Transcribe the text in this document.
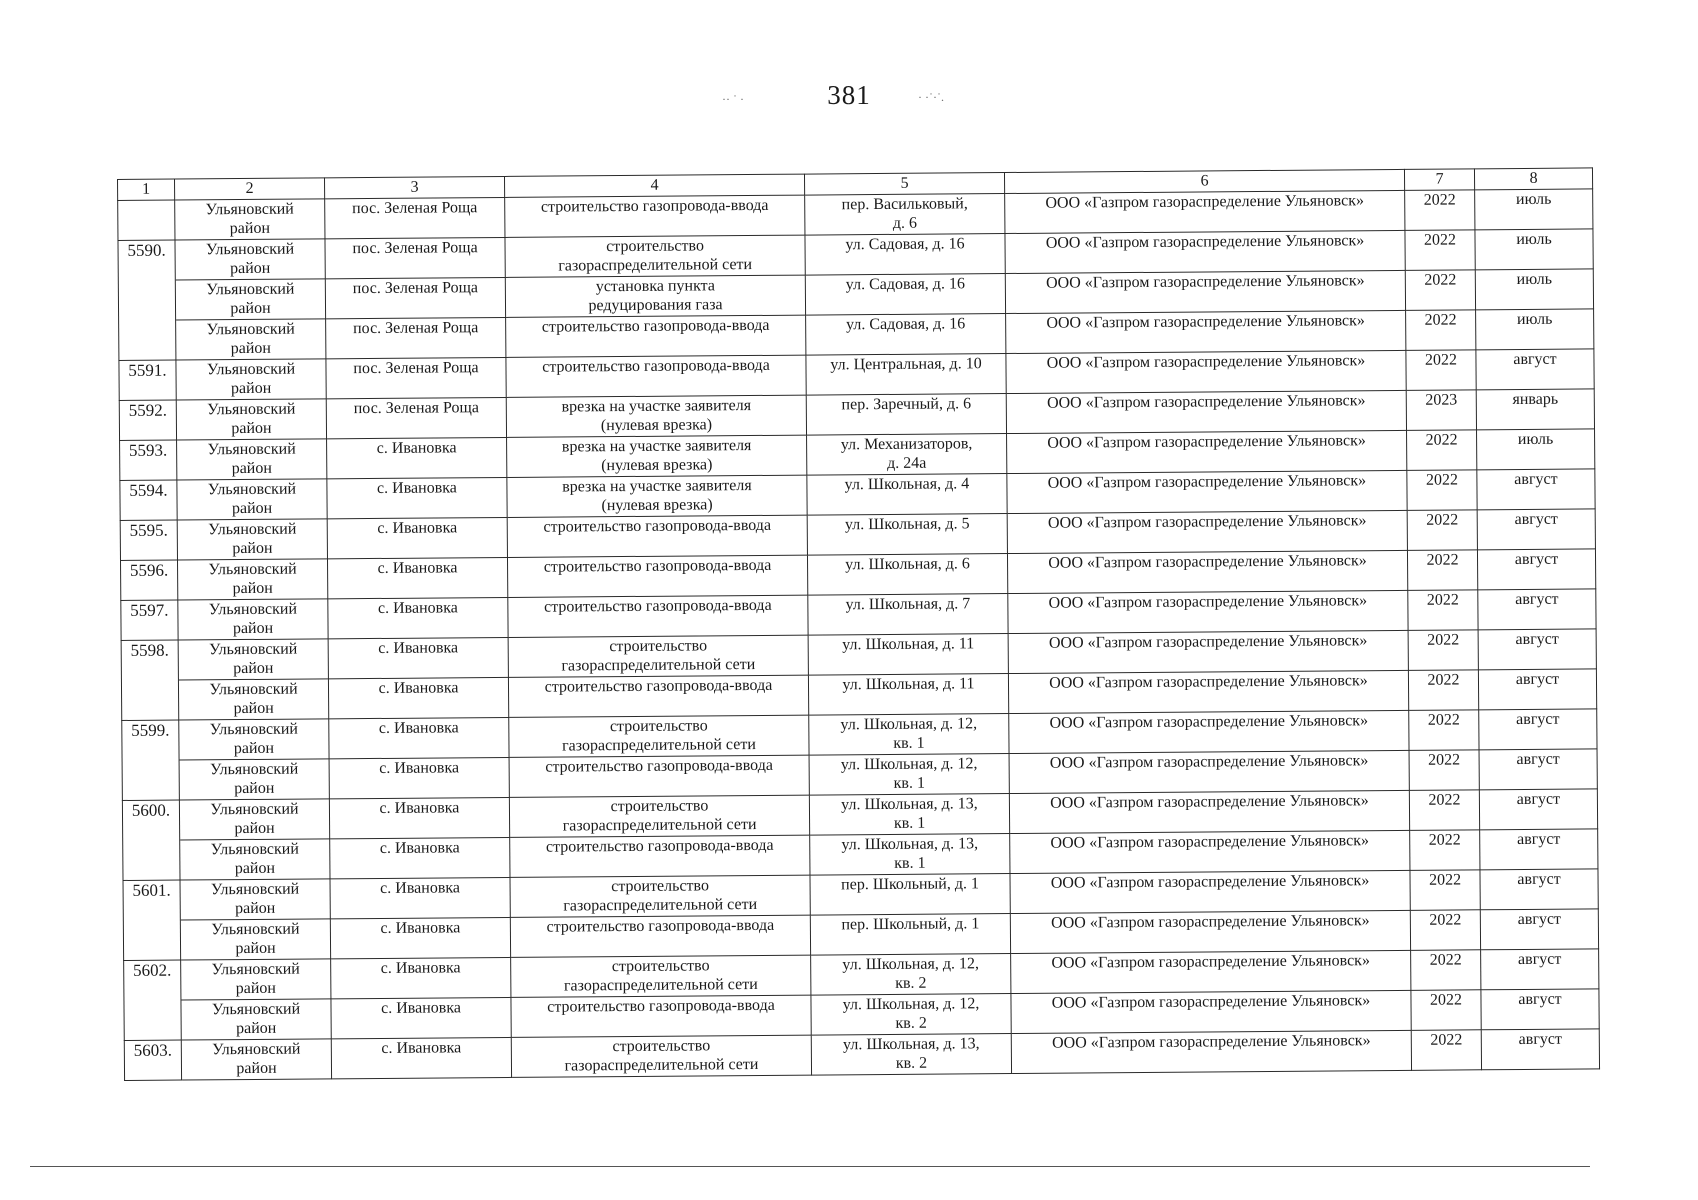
381
·· ˙ ·	· ·˙·˙.
1	2	3	4	5	6	7	8
	Ульяновский
район	пос. Зеленая Роща	строительство газопровода-ввода	пер. Васильковый,
д. 6	ООО «Газпром газораспределение Ульяновск»	2022	июль
5590.	Ульяновский
район	пос. Зеленая Роща	строительство
газораспределительной сети	ул. Садовая, д. 16	ООО «Газпром газораспределение Ульяновск»	2022	июль
	Ульяновский
район	пос. Зеленая Роща	установка пункта
редуцирования газа	ул. Садовая, д. 16	ООО «Газпром газораспределение Ульяновск»	2022	июль
	Ульяновский
район	пос. Зеленая Роща	строительство газопровода-ввода	ул. Садовая, д. 16	ООО «Газпром газораспределение Ульяновск»	2022	июль
5591.	Ульяновский
район	пос. Зеленая Роща	строительство газопровода-ввода	ул. Центральная, д. 10	ООО «Газпром газораспределение Ульяновск»	2022	август
5592.	Ульяновский
район	пос. Зеленая Роща	врезка на участке заявителя
(нулевая врезка)	пер. Заречный, д. 6	ООО «Газпром газораспределение Ульяновск»	2023	январь
5593.	Ульяновский
район	с. Ивановка	врезка на участке заявителя
(нулевая врезка)	ул. Механизаторов,
д. 24а	ООО «Газпром газораспределение Ульяновск»	2022	июль
5594.	Ульяновский
район	с. Ивановка	врезка на участке заявителя
(нулевая врезка)	ул. Школьная, д. 4	ООО «Газпром газораспределение Ульяновск»	2022	август
5595.	Ульяновский
район	с. Ивановка	строительство газопровода-ввода	ул. Школьная, д. 5	ООО «Газпром газораспределение Ульяновск»	2022	август
5596.	Ульяновский
район	с. Ивановка	строительство газопровода-ввода	ул. Школьная, д. 6	ООО «Газпром газораспределение Ульяновск»	2022	август
5597.	Ульяновский
район	с. Ивановка	строительство газопровода-ввода	ул. Школьная, д. 7	ООО «Газпром газораспределение Ульяновск»	2022	август
5598.	Ульяновский
район	с. Ивановка	строительство
газораспределительной сети	ул. Школьная, д. 11	ООО «Газпром газораспределение Ульяновск»	2022	август
	Ульяновский
район	с. Ивановка	строительство газопровода-ввода	ул. Школьная, д. 11	ООО «Газпром газораспределение Ульяновск»	2022	август
5599.	Ульяновский
район	с. Ивановка	строительство
газораспределительной сети	ул. Школьная, д. 12,
кв. 1	ООО «Газпром газораспределение Ульяновск»	2022	август
	Ульяновский
район	с. Ивановка	строительство газопровода-ввода	ул. Школьная, д. 12,
кв. 1	ООО «Газпром газораспределение Ульяновск»	2022	август
5600.	Ульяновский
район	с. Ивановка	строительство
газораспределительной сети	ул. Школьная, д. 13,
кв. 1	ООО «Газпром газораспределение Ульяновск»	2022	август
	Ульяновский
район	с. Ивановка	строительство газопровода-ввода	ул. Школьная, д. 13,
кв. 1	ООО «Газпром газораспределение Ульяновск»	2022	август
5601.	Ульяновский
район	с. Ивановка	строительство
газораспределительной сети	пер. Школьный, д. 1	ООО «Газпром газораспределение Ульяновск»	2022	август
	Ульяновский
район	с. Ивановка	строительство газопровода-ввода	пер. Школьный, д. 1	ООО «Газпром газораспределение Ульяновск»	2022	август
5602.	Ульяновский
район	с. Ивановка	строительство
газораспределительной сети	ул. Школьная, д. 12,
кв. 2	ООО «Газпром газораспределение Ульяновск»	2022	август
	Ульяновский
район	с. Ивановка	строительство газопровода-ввода	ул. Школьная, д. 12,
кв. 2	ООО «Газпром газораспределение Ульяновск»	2022	август
5603.	Ульяновский
район	с. Ивановка	строительство
газораспределительной сети	ул. Школьная, д. 13,
кв. 2	ООО «Газпром газораспределение Ульяновск»	2022	август
